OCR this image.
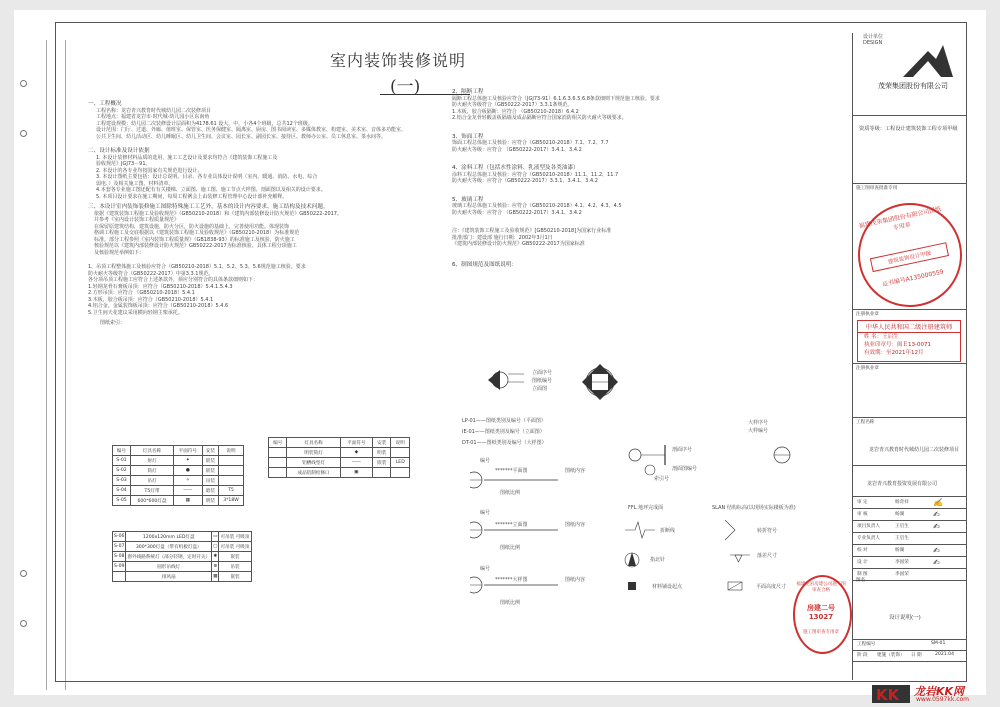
室内装饰装修说明
(一)
一、工程概况
工程名称：龙岩青兴教育时代城幼儿园二次装修项目
工程地点：福建省龙岩市·时代城-幼儿园小区东南角
工程建设规模：幼儿园二次装修设计层面积为4178.61 设大、中、小各4个班级，总共12个班级。
设计范围：门厅、过道、外廊、值班室、保管室、医务保健室、隔离室、厨房、图书阅读室、多媒体教室、构建室、美术室、音体多功能室、
公共卫生间、幼儿活动区、幼儿睡眠区、幼儿卫生间、会议室、园长室、副园长室、接待区、教师办公室、员工休息室、茶水间等。
二、设计标准及设计依据
1. 本设计装修材料品质的选用，施工工艺设计及要求均符合《建筑装饰工程施工及
验收规范》JGJ73－91。
2. 本设计的各专业均按国家有关规范进行设计。
3. 本设计图纸主要包括：设计总说明、目录、各专业具体设计说明（室内、暖通、消防、水电、综合
弱电、）及相关施工图、材料清单。
4.本套各专业施工图还配有有关楼梯、立面图、施工图、施工节点大样图、剖面图以及相关的设计要求。
5. 本项目设计要求在施工期间，每周工程例会上由装修工程管理中心设计部补充解释。
三、本设计室内装饰装修施工图除特殊施工工艺外，基本的设计内容要求、施工结构及技术问题。
依据《建筑装饰工程施工及验收规范》（GB50210-2018）和《建筑内部装修设计防火规范》GB50222-2017。
并参考《室内设计装饰工程质量规范》
在保留原建筑结构，建筑设施，防火分区，防火设施的基础上，完善使用功能。体现装饰
格调工程施工及交底根据以《建筑装饰工程施工及验收规范》（GB50210-2018）为标准规范
标准。部分工程参照《室内装饰工程质量规》（GB1838-93）的标准施工及核验，防火施工
核验规范以《建筑内部装修设计防火规范》GB50222-2017为标准核验。具体工程分项施工
及核验规范举例如下：
1、吊顶工程整体施工及核验应符合（GB50210-2018）5.1、5.2、5.3、5.6规范施工核验。要求
防火耐火等级符合（GB50222-2017）中第3.3.1规范。
各分项吊顶工程施工应符合上述条款外，须应分别符合的具体条款细则如下：
1.轻钢龙骨石膏板吊顶：应符合（GB50210-2018）5.4.1.5.4.3
2.方形吊顶：应符合 （GB50210-2018）5.4.1
3.木板，胶合板吊顶：应符合（GB50210-2018）5.4.1
4.铝合金，金属装饰板吊顶：应符合（GB50210-2018）5.4.6
5.卫生间天花建议采用横向轻钢主架承托。
图纸索引：
编号	灯具名称	平面符号	安装	说明
S-01	射灯	✦	嵌装	
S-02	筒灯	●	嵌装	
S-03	吊灯	✧	吊装	
S-04	T5灯带	——	暗装	T5
S-05	600*600灯盘	▦	明装	3*18W
S-06	1200x120mm LED灯盘	▭	可吊装 可吸顶
S-07	300*300灯盘（带有机板灯盘）	▢	可吊装 可吸顶
S-08	窗外线路系统灯（部分轻钢，定时开关）	✱	嵌装
S-09	圆形吊线灯	⊕	吊装
	排风扇	▩	嵌装
编号	灯具名称	平面符号	安装	说明
	明装筒灯	◆	明装	
	铝槽线型灯	——	嵌装	LED
	成品铝制检修口	▣		
2、隔断工程
隔断工程总体施工及核验应符合（JGJ73-91）6.1.6.3.6.5.6.8条款细则下规范施工核验。要求
防火耐火等级符合（GB50222-2017）3.3.1条规范。
1.木板、胶合板隔断：应符合 （GB50210-2018）6.4.2
2.铝合金龙骨轻酸盖板隔墙及成品隔断应符合国家消防相关防火耐火等级要求。
3、饰面工程
饰面工程总体施工及核验：应符合（GB50210-2018）7.1、7.2、7.7
防火耐火等级：应符合 （GB50222-2017）3.4.1、3.4.2
4、涂料工程（包括水性涂料、乳液型及各类油漆）
涂料工程总体施工及核验：应符合（GB50210-2018）11.1、11.2、11.7
防火耐火等级：应符合（GB50222-2017）3.3.1、3.4.1、3.4.2
5、玻璃工程
玻璃工程总体施工及核验：应符合（GB50210-2018）4.1、4.2、4.3、4.5
防火耐火等级：应符合 （GB50222-2017）3.4.1、3.4.2
注：《建筑装饰工程施工及验收规范》[GB50210-2018]为国家行业标准
批准部门：建设部 施行日期：2002年3月1日
《建筑内部装修设计防火规范》GB50222-2017为国家标准
6、制图规范及图纸说明：
立面序号
图纸编号
立面图
LP-01——图纸类别及编号（平面图）
IE-01——图纸类别及编号（立面图）
DT-01——图纸类别及编号（大样图）
剖面序号
剖面图编号
索引号
大样序号
大样编号
*******平面图
编号
图纸内容
图纸比例
*******立面图
编号
图纸内容
图纸比例
*******大样图
编号
图纸内容
图纸比例
FFL 地坪完成面	SLAN 结构标高(以现场实际楼板为准)
折断线	转折符号
指北针
落差尺寸
材料铺设起点	平面高度尺寸
设计单位
DESIGN
茂荣集团股份有限公司
资质等级：工程设计建筑装饰工程专项甲级
施工图审查批准专用
福建茂荣集团股份有限公司图纸专用章
建筑装饰设计甲级
证书编号A135000559
注册执业章
中华人民共和国二级注册建筑师
姓 名：王启生
执业印章号：闽Ｅ13-0071
有效期：至2021年12月
注册执业章
工程名称
龙岩青兴教育时代城幼儿园二次装修项目
龙岩青兴教育投资发展有限公司
审 定	杨奇祥	✍
审 核	杨湖	✍
项目负责人	王启生	✍
专业负责人	王启生
校 对	杨湖	✍
设 计	李国荣	✍
制 图	李国荣
图名
设计说明(一)
工程编号	SM-01
阶 段 建施（装饰） 日 期	2021.04
福建龙岩房建公司施工图审查合格
房建二号 13027
施工图审查专用章
KK 龙岩KK网
www.0597kk.com
